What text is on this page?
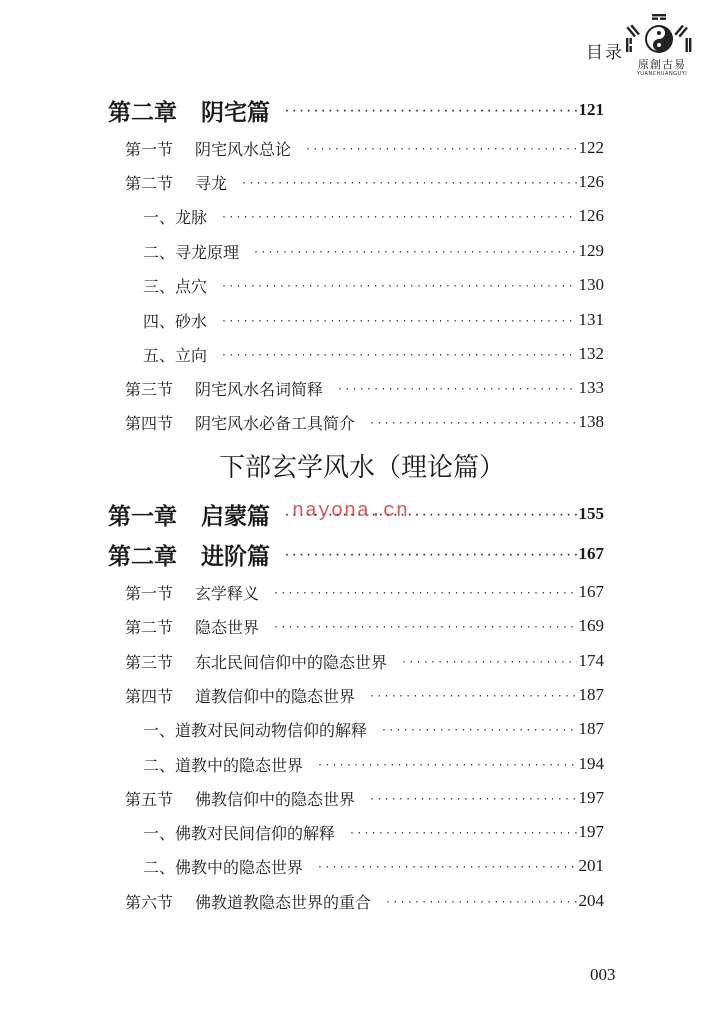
目录
原創古易
YUANCHUANGUYI
第二章 阴宅篇 ·····	121
第一节 阴宅风水总论 ·····	122
第二节 寻龙 ·····	126
一、龙脉 ·····	126
二、寻龙原理 ·····	129
三、点穴 ·····	130
四、砂水 ·····	131
五、立向 ·····	132
第三节 阴宅风水名词简释 ·····	133
第四节 阴宅风水必备工具简介 ·····	138
下部玄学风水（理论篇）
第一章 启蒙篇 ·····	155
第二章 进阶篇 ·····	167
第一节 玄学释义 ·····	167
第二节 隐态世界 ·····	169
第三节 东北民间信仰中的隐态世界 ·····	174
第四节 道教信仰中的隐态世界 ·····	187
一、道教对民间动物信仰的解释 ·····	187
二、道教中的隐态世界 ·····	194
第五节 佛教信仰中的隐态世界 ·····	197
一、佛教对民间信仰的解释 ·····	197
二、佛教中的隐态世界 ·····	201
第六节 佛教道教隐态世界的重合 ·····	204
nayona.cn
003
